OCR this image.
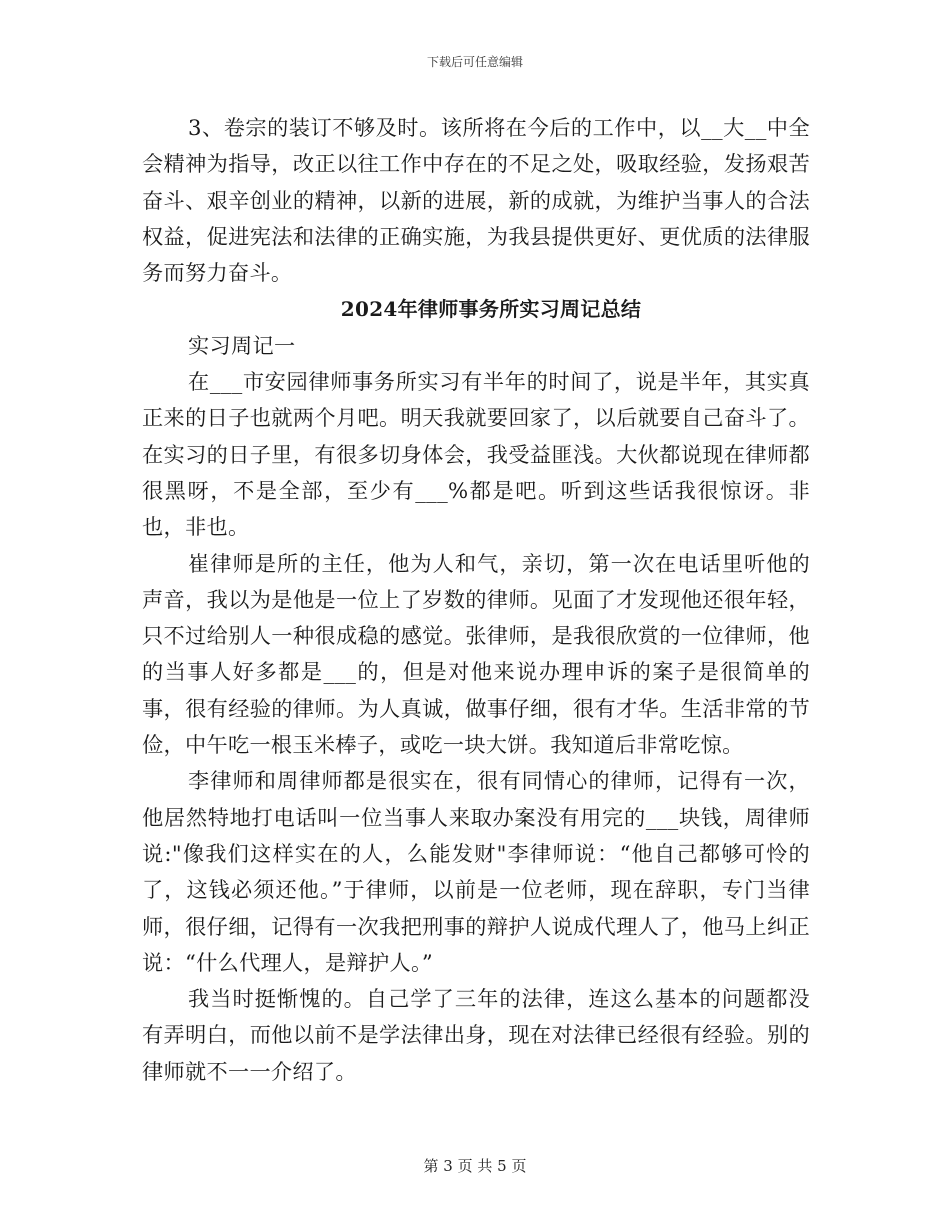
下载后可任意编辑

3、卷宗的装订不够及时。该所将在今后的工作中，以__大__中全会精神为指导，改正以往工作中存在的不足之处，吸取经验，发扬艰苦奋斗、艰辛创业的精神，以新的进展，新的成就，为维护当事人的合法权益，促进宪法和法律的正确实施，为我县提供更好、更优质的法律服务而努力奋斗。

2024年律师事务所实习周记总结

实习周记一

在___市安园律师事务所实习有半年的时间了，说是半年，其实真正来的日子也就两个月吧。明天我就要回家了，以后就要自己奋斗了。在实习的日子里，有很多切身体会，我受益匪浅。大伙都说现在律师都很黑呀，不是全部，至少有___%都是吧。听到这些话我很惊讶。非也，非也。

崔律师是所的主任，他为人和气，亲切，第一次在电话里听他的声音，我以为是他是一位上了岁数的律师。见面了才发现他还很年轻，只不过给别人一种很成稳的感觉。张律师，是我很欣赏的一位律师，他的当事人好多都是___的，但是对他来说办理申诉的案子是很简单的事，很有经验的律师。为人真诚，做事仔细，很有才华。生活非常的节俭，中午吃一根玉米棒子，或吃一块大饼。我知道后非常吃惊。

李律师和周律师都是很实在，很有同情心的律师，记得有一次，他居然特地打电话叫一位当事人来取办案没有用完的___块钱，周律师说:"像我们这样实在的人，么能发财"李律师说：“他自己都够可怜的了，这钱必须还他。”于律师，以前是一位老师，现在辞职，专门当律师，很仔细，记得有一次我把刑事的辩护人说成代理人了，他马上纠正说：“什么代理人，是辩护人。”

我当时挺惭愧的。自己学了三年的法律，连这么基本的问题都没有弄明白，而他以前不是学法律出身，现在对法律已经很有经验。别的律师就不一一介绍了。

第 3 页 共 5 页
